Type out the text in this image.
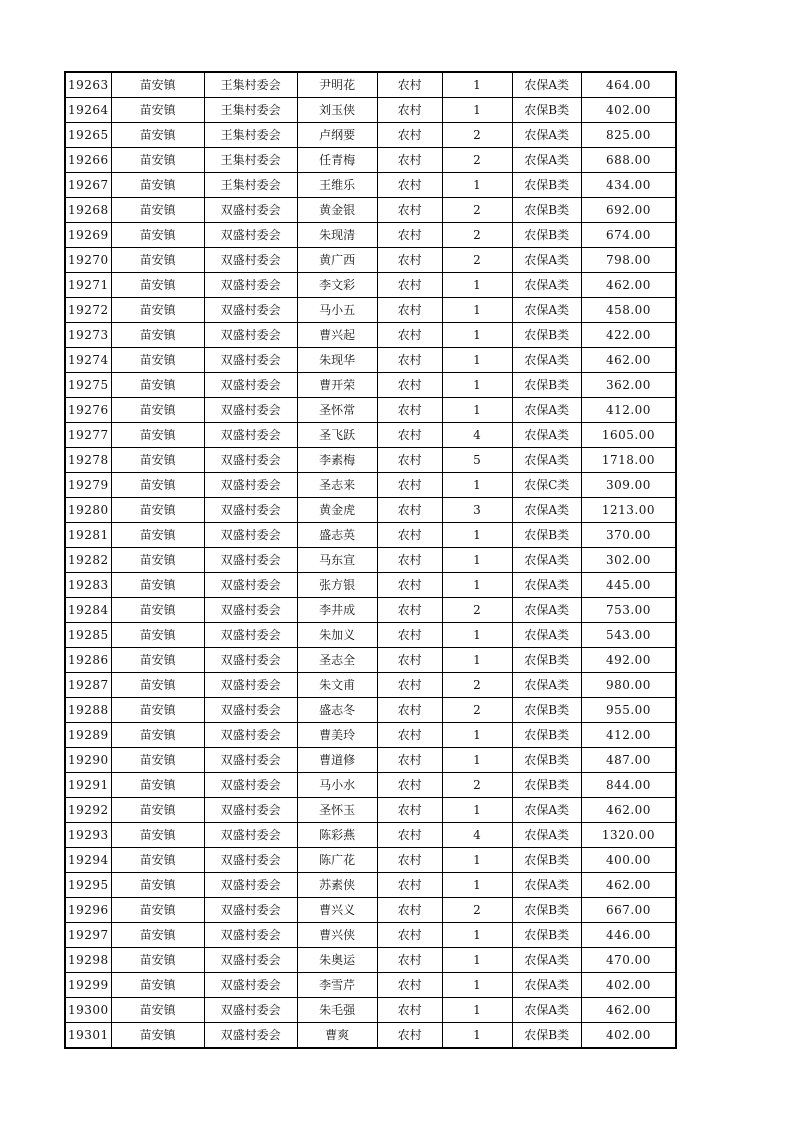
19263	苗安镇	王集村委会	尹明花	农村	1	农保A类	464.00
19264	苗安镇	王集村委会	刘玉侠	农村	1	农保B类	402.00
19265	苗安镇	王集村委会	卢纲要	农村	2	农保A类	825.00
19266	苗安镇	王集村委会	任青梅	农村	2	农保A类	688.00
19267	苗安镇	王集村委会	王维乐	农村	1	农保B类	434.00
19268	苗安镇	双盛村委会	黄金银	农村	2	农保B类	692.00
19269	苗安镇	双盛村委会	朱现清	农村	2	农保B类	674.00
19270	苗安镇	双盛村委会	黄广西	农村	2	农保A类	798.00
19271	苗安镇	双盛村委会	李文彩	农村	1	农保A类	462.00
19272	苗安镇	双盛村委会	马小五	农村	1	农保A类	458.00
19273	苗安镇	双盛村委会	曹兴起	农村	1	农保B类	422.00
19274	苗安镇	双盛村委会	朱现华	农村	1	农保A类	462.00
19275	苗安镇	双盛村委会	曹开荣	农村	1	农保B类	362.00
19276	苗安镇	双盛村委会	圣怀常	农村	1	农保A类	412.00
19277	苗安镇	双盛村委会	圣飞跃	农村	4	农保A类	1605.00
19278	苗安镇	双盛村委会	李素梅	农村	5	农保A类	1718.00
19279	苗安镇	双盛村委会	圣志来	农村	1	农保C类	309.00
19280	苗安镇	双盛村委会	黄金虎	农村	3	农保A类	1213.00
19281	苗安镇	双盛村委会	盛志英	农村	1	农保B类	370.00
19282	苗安镇	双盛村委会	马东宣	农村	1	农保A类	302.00
19283	苗安镇	双盛村委会	张方银	农村	1	农保A类	445.00
19284	苗安镇	双盛村委会	李井成	农村	2	农保A类	753.00
19285	苗安镇	双盛村委会	朱加义	农村	1	农保A类	543.00
19286	苗安镇	双盛村委会	圣志全	农村	1	农保B类	492.00
19287	苗安镇	双盛村委会	朱文甫	农村	2	农保A类	980.00
19288	苗安镇	双盛村委会	盛志冬	农村	2	农保B类	955.00
19289	苗安镇	双盛村委会	曹美玲	农村	1	农保B类	412.00
19290	苗安镇	双盛村委会	曹道修	农村	1	农保B类	487.00
19291	苗安镇	双盛村委会	马小水	农村	2	农保B类	844.00
19292	苗安镇	双盛村委会	圣怀玉	农村	1	农保A类	462.00
19293	苗安镇	双盛村委会	陈彩燕	农村	4	农保A类	1320.00
19294	苗安镇	双盛村委会	陈广花	农村	1	农保B类	400.00
19295	苗安镇	双盛村委会	苏素侠	农村	1	农保A类	462.00
19296	苗安镇	双盛村委会	曹兴义	农村	2	农保B类	667.00
19297	苗安镇	双盛村委会	曹兴侠	农村	1	农保B类	446.00
19298	苗安镇	双盛村委会	朱奥运	农村	1	农保A类	470.00
19299	苗安镇	双盛村委会	李雪芹	农村	1	农保A类	402.00
19300	苗安镇	双盛村委会	朱毛强	农村	1	农保A类	462.00
19301	苗安镇	双盛村委会	曹爽	农村	1	农保B类	402.00
